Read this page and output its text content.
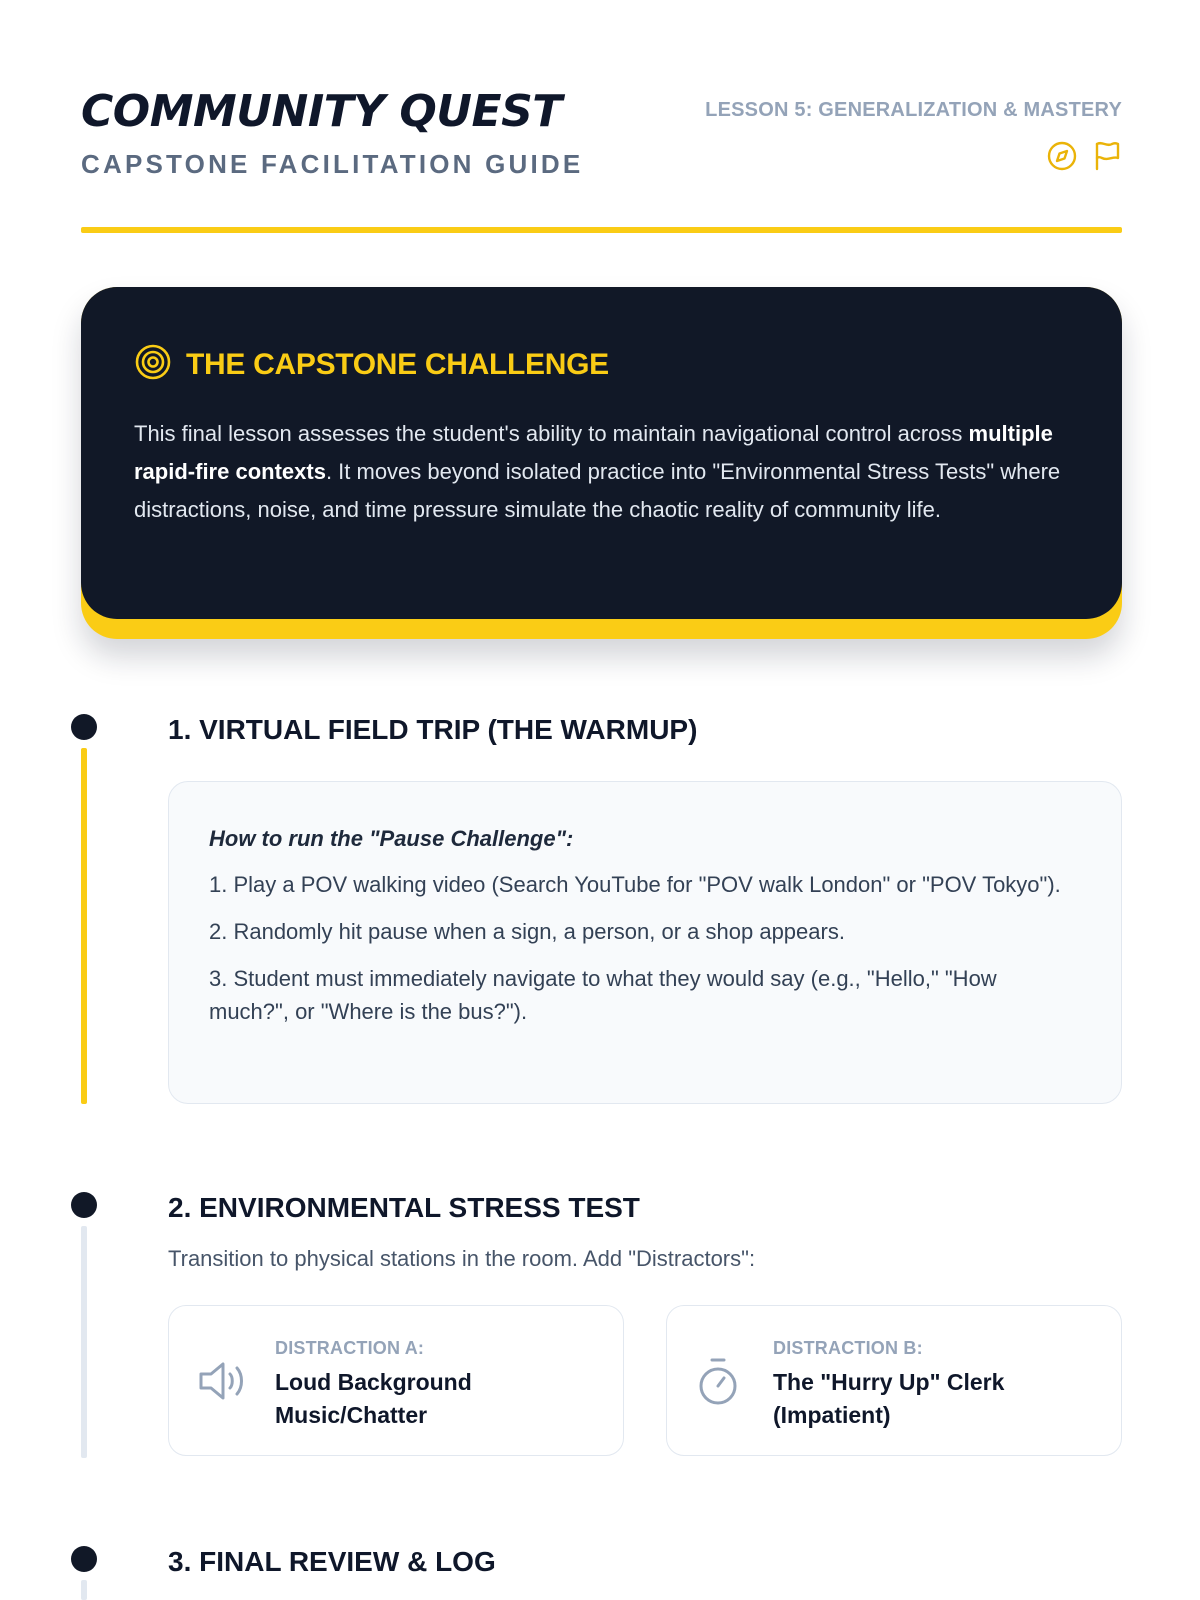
COMMUNITY QUEST
CAPSTONE FACILITATION GUIDE
LESSON 5: GENERALIZATION & MASTERY
THE CAPSTONE CHALLENGE

This final lesson assesses the student's ability to maintain navigational control across multiple rapid-fire contexts. It moves beyond isolated practice into "Environmental Stress Tests" where distractions, noise, and time pressure simulate the chaotic reality of community life.

1. VIRTUAL FIELD TRIP (THE WARMUP)
How to run the "Pause Challenge":
1. Play a POV walking video (Search YouTube for "POV walk London" or "POV Tokyo").
2. Randomly hit pause when a sign, a person, or a shop appears.
3. Student must immediately navigate to what they would say (e.g., "Hello," "How much?", or "Where is the bus?").
2. ENVIRONMENTAL STRESS TEST
Transition to physical stations in the room. Add "Distractors":
DISTRACTION A:
Loud Background Music/Chatter
DISTRACTION B:
The "Hurry Up" Clerk (Impatient)
3. FINAL REVIEW & LOG
